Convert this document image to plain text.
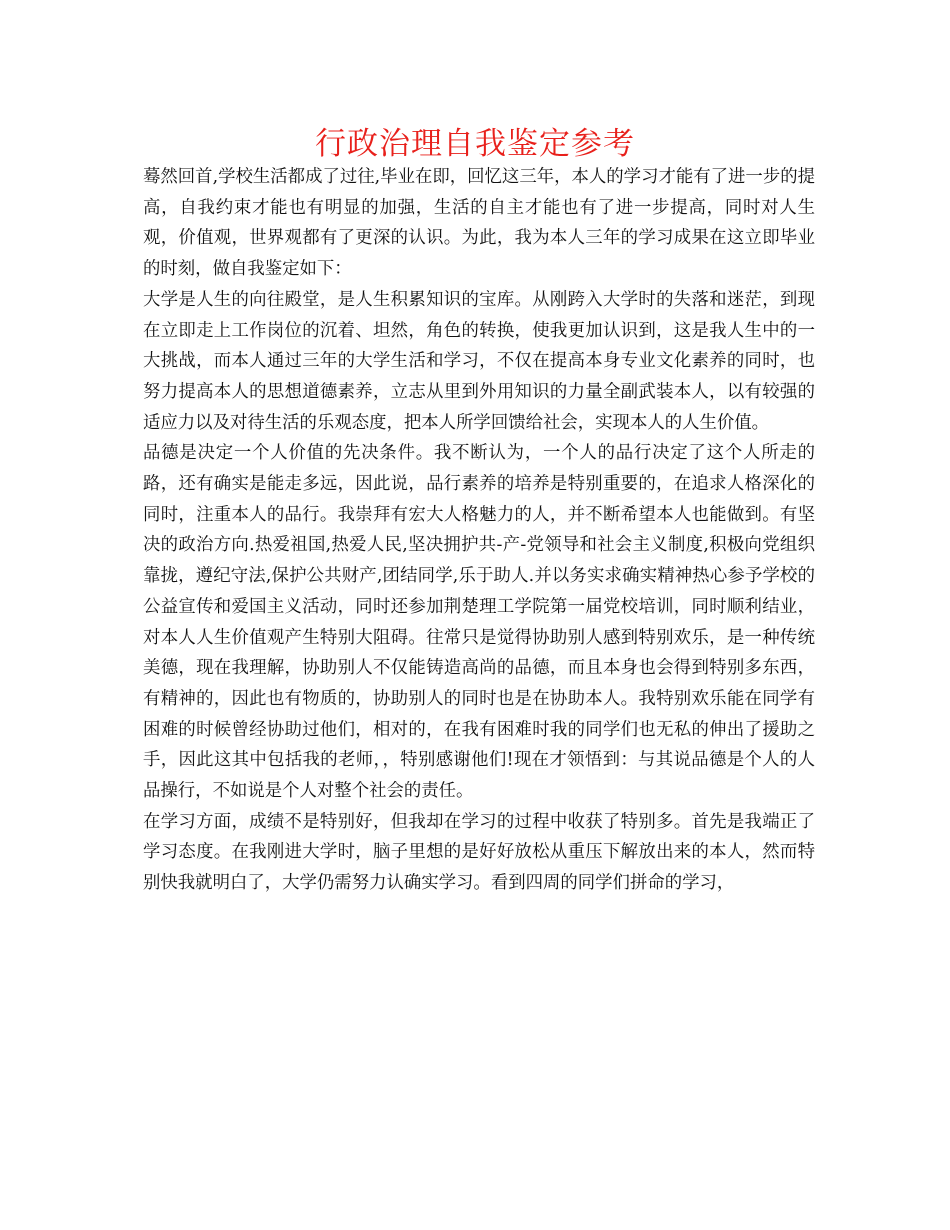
行政治理自我鉴定参考

蓦然回首,学校生活都成了过往,毕业在即，回忆这三年，本人的学习才能有了进一步的提高，自我约束才能也有明显的加强，生活的自主才能也有了进一步提高，同时对人生观，价值观，世界观都有了更深的认识。为此，我为本人三年的学习成果在这立即毕业的时刻，做自我鉴定如下：

大学是人生的向往殿堂，是人生积累知识的宝库。从刚跨入大学时的失落和迷茫，到现在立即走上工作岗位的沉着、坦然，角色的转换，使我更加认识到，这是我人生中的一大挑战，而本人通过三年的大学生活和学习，不仅在提高本身专业文化素养的同时，也努力提高本人的思想道德素养，立志从里到外用知识的力量全副武装本人，以有较强的适应力以及对待生活的乐观态度，把本人所学回馈给社会，实现本人的人生价值。

品德是决定一个人价值的先决条件。我不断认为，一个人的品行决定了这个人所走的路，还有确实是能走多远，因此说，品行素养的培养是特别重要的，在追求人格深化的同时，注重本人的品行。我崇拜有宏大人格魅力的人，并不断希望本人也能做到。有坚决的政治方向.热爱祖国,热爱人民,坚决拥护共-产-党领导和社会主义制度,积极向党组织靠拢，遵纪守法,保护公共财产,团结同学,乐于助人.并以务实求确实精神热心参予学校的公益宣传和爱国主义活动，同时还参加荆楚理工学院第一届党校培训，同时顺利结业，对本人人生价值观产生特别大阻碍。往常只是觉得协助别人感到特别欢乐，是一种传统美德，现在我理解，协助别人不仅能铸造高尚的品德，而且本身也会得到特别多东西，有精神的，因此也有物质的，协助别人的同时也是在协助本人。我特别欢乐能在同学有困难的时候曾经协助过他们，相对的，在我有困难时我的同学们也无私的伸出了援助之手，因此这其中包括我的老师，，特别感谢他们!现在才领悟到：与其说品德是个人的人品操行，不如说是个人对整个社会的责任。

在学习方面，成绩不是特别好，但我却在学习的过程中收获了特别多。首先是我端正了学习态度。在我刚进大学时，脑子里想的是好好放松从重压下解放出来的本人，然而特别快我就明白了，大学仍需努力认确实学习。看到四周的同学们拼命的学习，
